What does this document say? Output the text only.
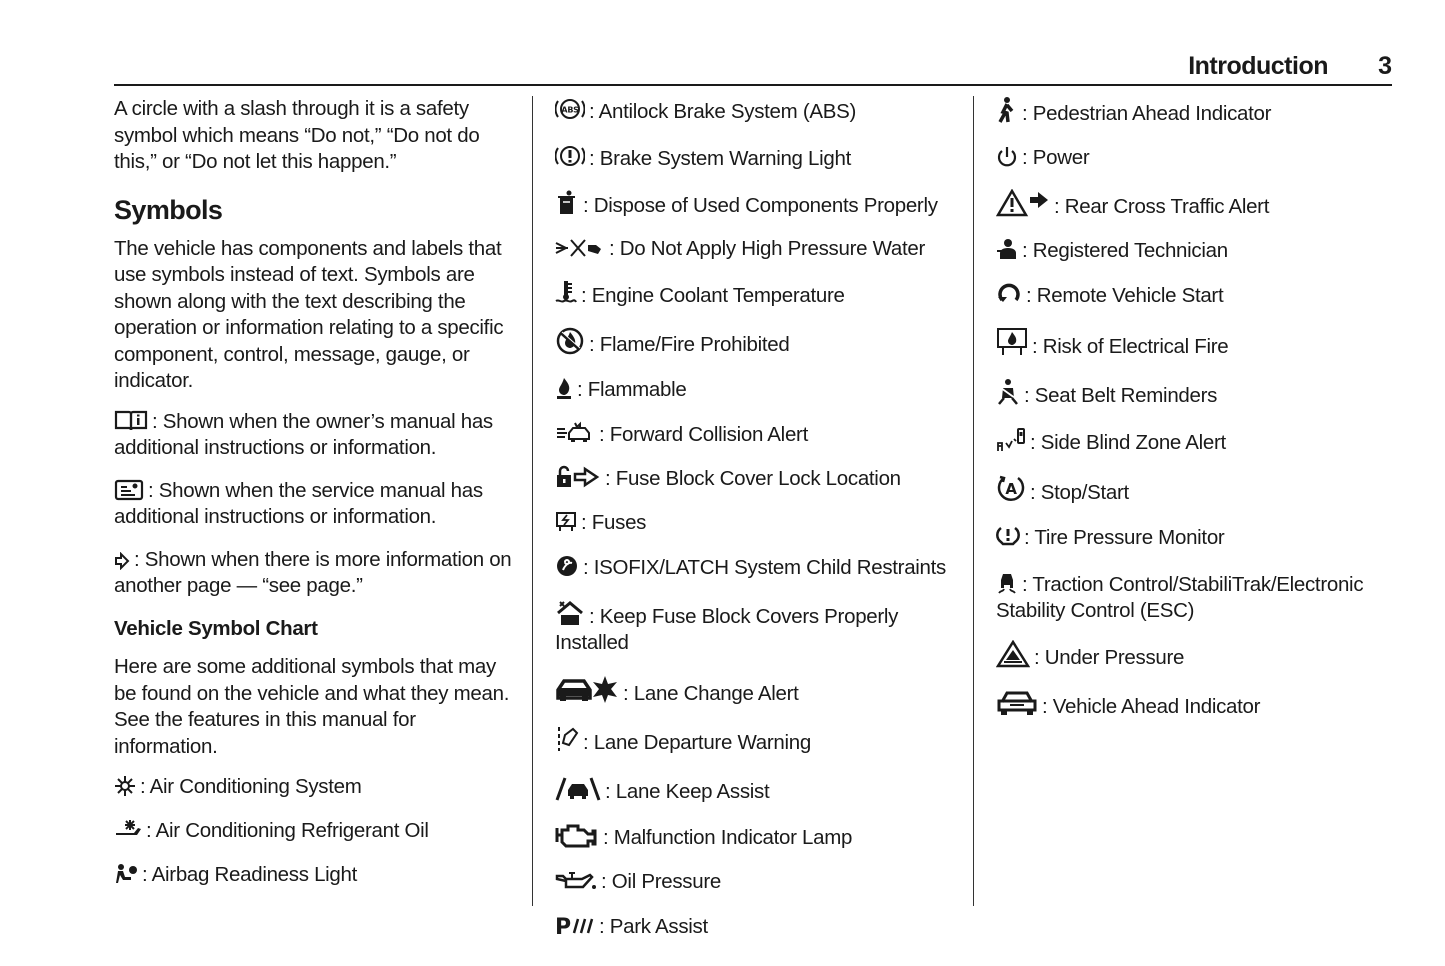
Introduction 3

A circle with a slash through it is a safety symbol which means “Do not,” “Do not do this,” or “Do not let this happen.”

Symbols

The vehicle has components and labels that use symbols instead of text. Symbols are shown along with the text describing the operation or information relating to a specific component, control, message, gauge, or indicator.

: Shown when the owner’s manual has additional instructions or information.

: Shown when the service manual has additional instructions or information.

: Shown when there is more information on another page — “see page.”

Vehicle Symbol Chart

Here are some additional symbols that may be found on the vehicle and what they mean. See the features in this manual for information.

: Air Conditioning System
: Air Conditioning Refrigerant Oil
: Airbag Readiness Light
ABS : Antilock Brake System (ABS)
: Brake System Warning Light
: Dispose of Used Components Properly
: Do Not Apply High Pressure Water
: Engine Coolant Temperature
: Flame/Fire Prohibited
: Flammable
: Forward Collision Alert
: Fuse Block Cover Lock Location
: Fuses
: ISOFIX/LATCH System Child Restraints
: Keep Fuse Block Covers Properly Installed
: Lane Change Alert
: Lane Departure Warning
: Lane Keep Assist
: Malfunction Indicator Lamp
: Oil Pressure
P : Park Assist
: Pedestrian Ahead Indicator
: Power
: Rear Cross Traffic Alert
: Registered Technician
: Remote Vehicle Start
: Risk of Electrical Fire
: Seat Belt Reminders
: Side Blind Zone Alert
A : Stop/Start
: Tire Pressure Monitor
: Traction Control/StabiliTrak/Electronic Stability Control (ESC)
: Under Pressure
: Vehicle Ahead Indicator
